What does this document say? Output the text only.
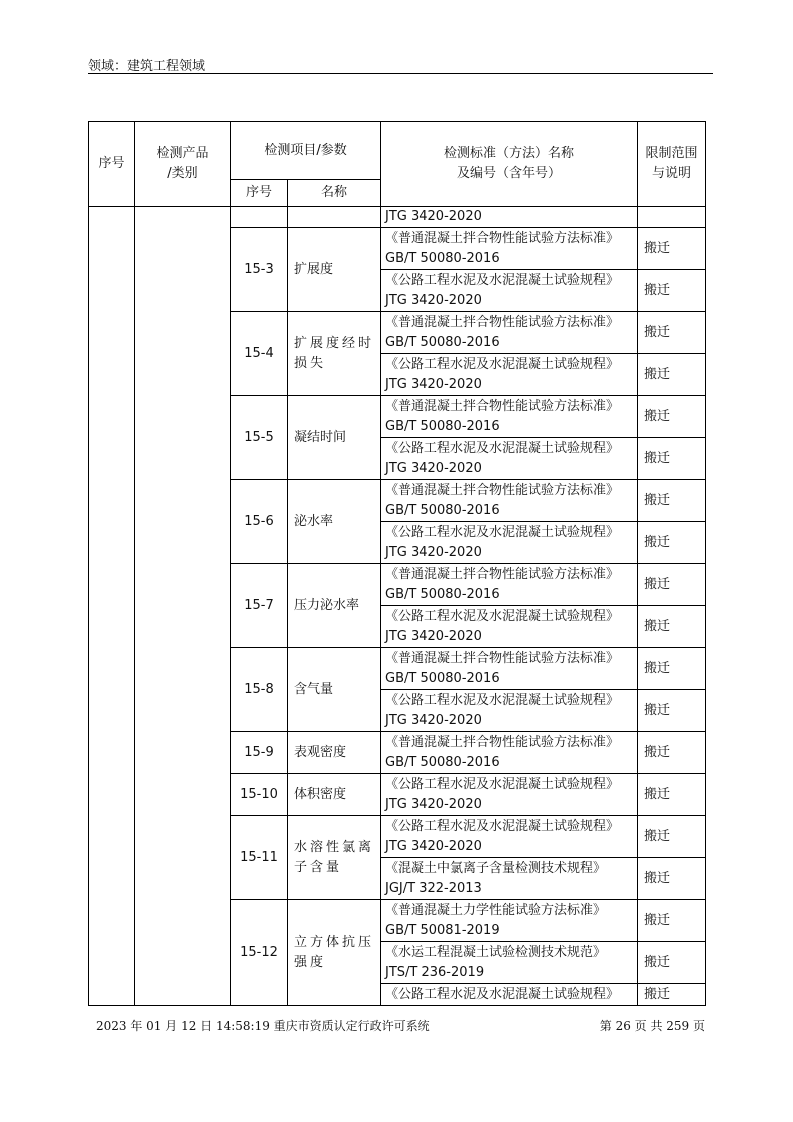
领域：建筑工程领域
序号	检测产品
/类别	检测项目/参数		检测标准（方法）名称
及编号（含年号）	限制范围
与说明
		序号	名称		
				JTG 3420-2020	
		15-3	扩展度	《普通混凝土拌合物性能试验方法标准》
GB/T 50080-2016	搬迁

				《公路工程水泥及水泥混凝土试验规程》
JTG 3420-2020	搬迁
		15-4	扩展度经时损失	《普通混凝土拌合物性能试验方法标准》
GB/T 50080-2016	搬迁

				《公路工程水泥及水泥混凝土试验规程》
JTG 3420-2020	搬迁
		15-5	凝结时间	《普通混凝土拌合物性能试验方法标准》
GB/T 50080-2016	搬迁

				《公路工程水泥及水泥混凝土试验规程》
JTG 3420-2020	搬迁
		15-6	泌水率	《普通混凝土拌合物性能试验方法标准》
GB/T 50080-2016	搬迁

				《公路工程水泥及水泥混凝土试验规程》
JTG 3420-2020	搬迁
		15-7	压力泌水率	《普通混凝土拌合物性能试验方法标准》
GB/T 50080-2016	搬迁

				《公路工程水泥及水泥混凝土试验规程》
JTG 3420-2020	搬迁
		15-8	含气量	《普通混凝土拌合物性能试验方法标准》
GB/T 50080-2016	搬迁

				《公路工程水泥及水泥混凝土试验规程》
JTG 3420-2020	搬迁
		15-9	表观密度	《普通混凝土拌合物性能试验方法标准》
GB/T 50080-2016	搬迁
		15-10	体积密度	《公路工程水泥及水泥混凝土试验规程》
JTG 3420-2020	搬迁
		15-11	水溶性氯离子含量	《公路工程水泥及水泥混凝土试验规程》
JTG 3420-2020	搬迁

				《混凝土中氯离子含量检测技术规程》
JGJ/T 322-2013	搬迁
		15-12	立方体抗压强度	《普通混凝土力学性能试验方法标准》
GB/T 50081-2019	搬迁

				《水运工程混凝土试验检测技术规范》
JTS/T 236-2019	搬迁

				《公路工程水泥及水泥混凝土试验规程》	搬迁
2023 年 01 月 12 日 14:58:19 重庆市资质认定行政许可系统	第 26 页 共 259 页
